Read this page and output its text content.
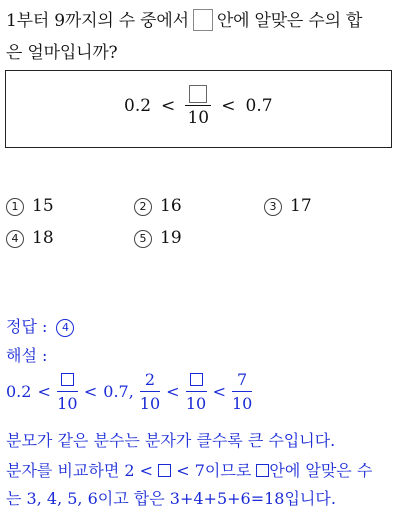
1부터 9까지의 수 중에서 안에 알맞은 수의 합
은 얼마입니까?
0.2 <
10
< 0.7
1 15	2 16	3 17
4 18	5 19
정답 : 4
해설 :
0.2 <
10
< 0.7, $\frac{2}{10}$ <
10
< $\frac{7}{10}$
분모가 같은 분수는 분자가 클수록 큰 수입니다.
분자를 비교하면 2 < < 7이므로 안에 알맞은 수
는 3, 4, 5, 6이고 합은 3+4+5+6=18입니다.
